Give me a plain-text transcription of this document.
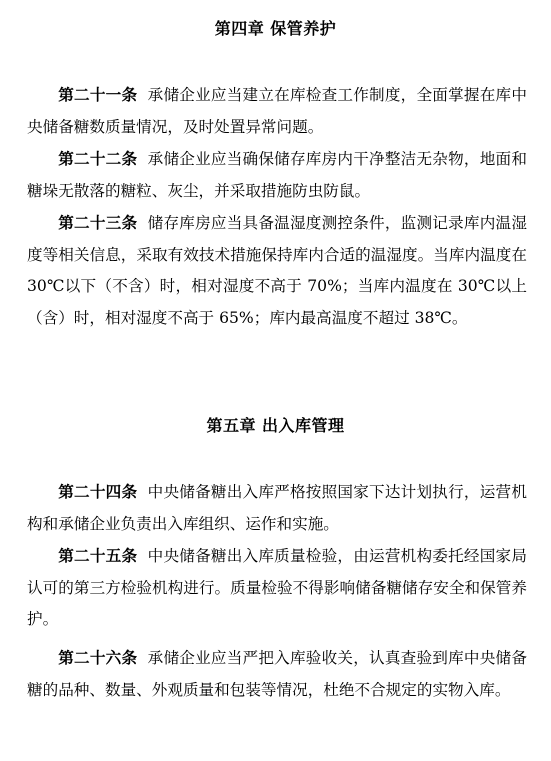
第四章 保管养护

第二十一条 承储企业应当建立在库检查工作制度，全面掌握在库中央储备糖数质量情况，及时处置异常问题。

第二十二条 承储企业应当确保储存库房内干净整洁无杂物，地面和糖垛无散落的糖粒、灰尘，并采取措施防虫防鼠。

第二十三条 储存库房应当具备温湿度测控条件，监测记录库内温湿度等相关信息，采取有效技术措施保持库内合适的温湿度。当库内温度在 30℃以下（不含）时，相对湿度不高于 70%；当库内温度在 30℃以上（含）时，相对湿度不高于 65%；库内最高温度不超过 38℃。

第五章 出入库管理

第二十四条 中央储备糖出入库严格按照国家下达计划执行，运营机构和承储企业负责出入库组织、运作和实施。

第二十五条 中央储备糖出入库质量检验，由运营机构委托经国家局认可的第三方检验机构进行。质量检验不得影响储备糖储存安全和保管养护。

第二十六条 承储企业应当严把入库验收关，认真查验到库中央储备糖的品种、数量、外观质量和包装等情况，杜绝不合规定的实物入库。
